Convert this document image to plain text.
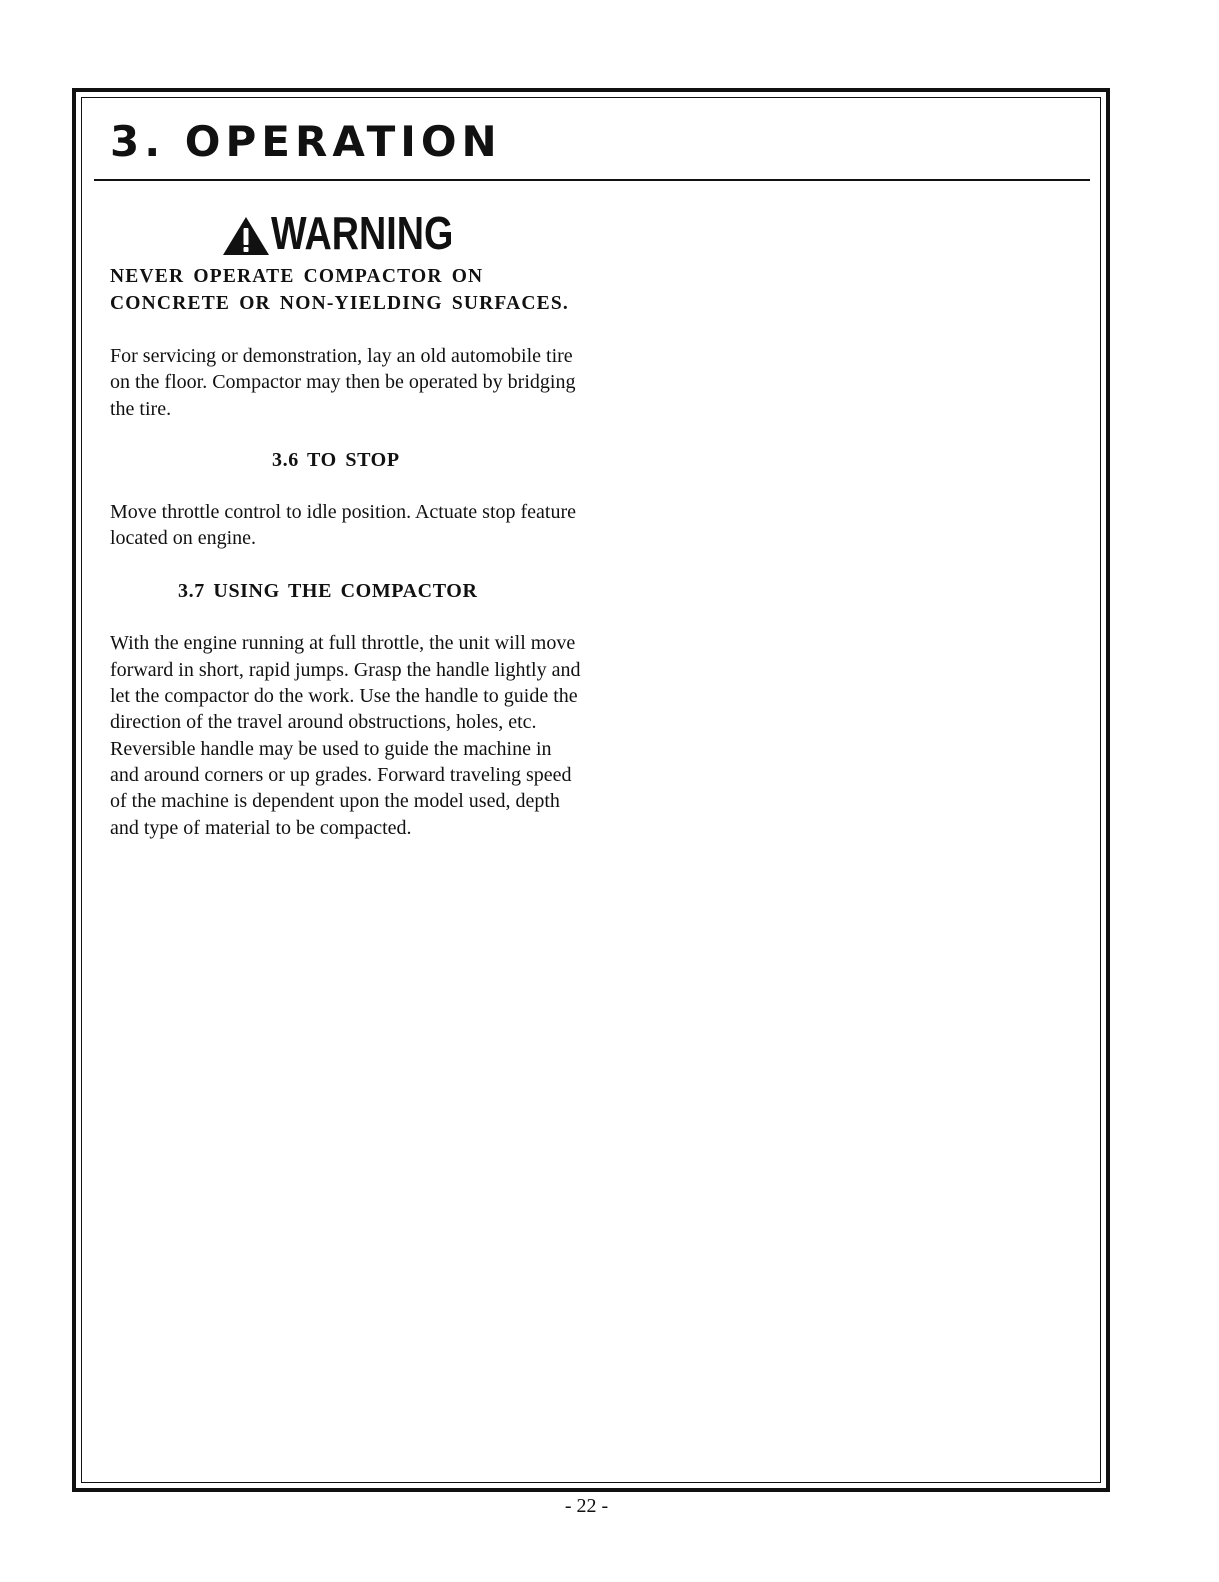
3. OPERATION
WARNING

NEVER OPERATE COMPACTOR ON CONCRETE OR NON-YIELDING SURFACES.

For servicing or demonstration, lay an old automobile tire on the floor. Compactor may then be operated by bridging the tire.

3.6 TO STOP

Move throttle control to idle position. Actuate stop feature located on engine.

3.7 USING THE COMPACTOR

With the engine running at full throttle, the unit will move forward in short, rapid jumps. Grasp the handle lightly and let the compactor do the work. Use the handle to guide the direction of the travel around obstructions, holes, etc. Reversible handle may be used to guide the machine in and around corners or up grades. Forward traveling speed of the machine is dependent upon the model used, depth and type of material to be compacted.

- 22 -
